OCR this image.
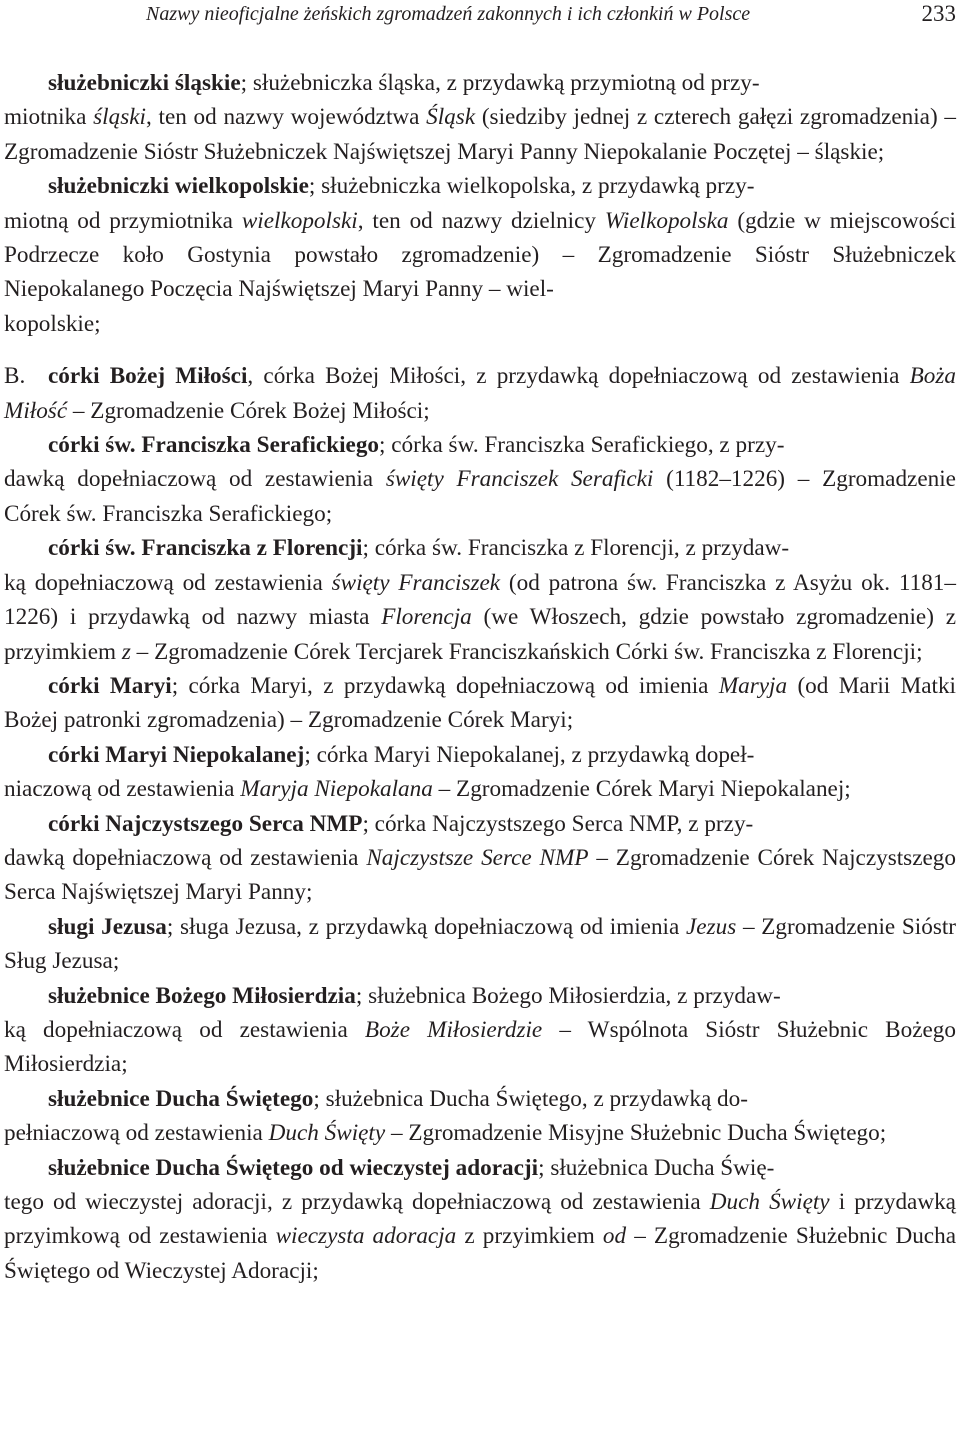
Nazwy nieoficjalne żeńskich zgromadzeń zakonnych i ich członkiń w Polsce	233

służebniczki śląskie; służebniczka śląska, z przydawką przymiotną od przy-
miotnika śląski, ten od nazwy województwa Śląsk (siedziby jednej z czterech gałęzi zgromadzenia) – Zgromadzenie Sióstr Służebniczek Najświętszej Maryi Panny Niepokalanie Poczętej – śląskie;

służebniczki wielkopolskie; służebniczka wielkopolska, z przydawką przy-
miotną od przymiotnika wielkopolski, ten od nazwy dzielnicy Wielkopolska (gdzie w miejscowości Podrzecze koło Gostynia powstało zgromadzenie) – Zgromadzenie Sióstr Służebniczek Niepokalanego Poczęcia Najświętszej Maryi Panny – wiel-
kopolskie;

B. córki Bożej Miłości, córka Bożej Miłości, z przydawką dopełniaczową od zestawienia Boża Miłość – Zgromadzenie Córek Bożej Miłości;

córki św. Franciszka Serafickiego; córka św. Franciszka Serafickiego, z przy-
dawką dopełniaczową od zestawienia święty Franciszek Seraficki (1182–1226) – Zgromadzenie Córek św. Franciszka Serafickiego;

córki św. Franciszka z Florencji; córka św. Franciszka z Florencji, z przydaw-
ką dopełniaczową od zestawienia święty Franciszek (od patrona św. Franciszka z Asyżu ok. 1181–1226) i przydawką od nazwy miasta Florencja (we Włoszech, gdzie powstało zgromadzenie) z przyimkiem z – Zgromadzenie Córek Tercjarek Franciszkańskich Córki św. Franciszka z Florencji;

córki Maryi; córka Maryi, z przydawką dopełniaczową od imienia Maryja (od Marii Matki Bożej patronki zgromadzenia) – Zgromadzenie Córek Maryi;

córki Maryi Niepokalanej; córka Maryi Niepokalanej, z przydawką dopeł-
niaczową od zestawienia Maryja Niepokalana – Zgromadzenie Córek Maryi Niepokalanej;

córki Najczystszego Serca NMP; córka Najczystszego Serca NMP, z przy-
dawką dopełniaczową od zestawienia Najczystsze Serce NMP – Zgromadzenie Córek Najczystszego Serca Najświętszej Maryi Panny;

sługi Jezusa; sługa Jezusa, z przydawką dopełniaczową od imienia Jezus – Zgromadzenie Sióstr Sług Jezusa;

służebnice Bożego Miłosierdzia; służebnica Bożego Miłosierdzia, z przydaw-
ką dopełniaczową od zestawienia Boże Miłosierdzie – Wspólnota Sióstr Służebnic Bożego Miłosierdzia;

służebnice Ducha Świętego; służebnica Ducha Świętego, z przydawką do-
pełniaczową od zestawienia Duch Święty – Zgromadzenie Misyjne Służebnic Ducha Świętego;

służebnice Ducha Świętego od wieczystej adoracji; służebnica Ducha Świę-
tego od wieczystej adoracji, z przydawką dopełniaczową od zestawienia Duch Święty i przydawką przyimkową od zestawienia wieczysta adoracja z przyimkiem od – Zgromadzenie Służebnic Ducha Świętego od Wieczystej Adoracji;
